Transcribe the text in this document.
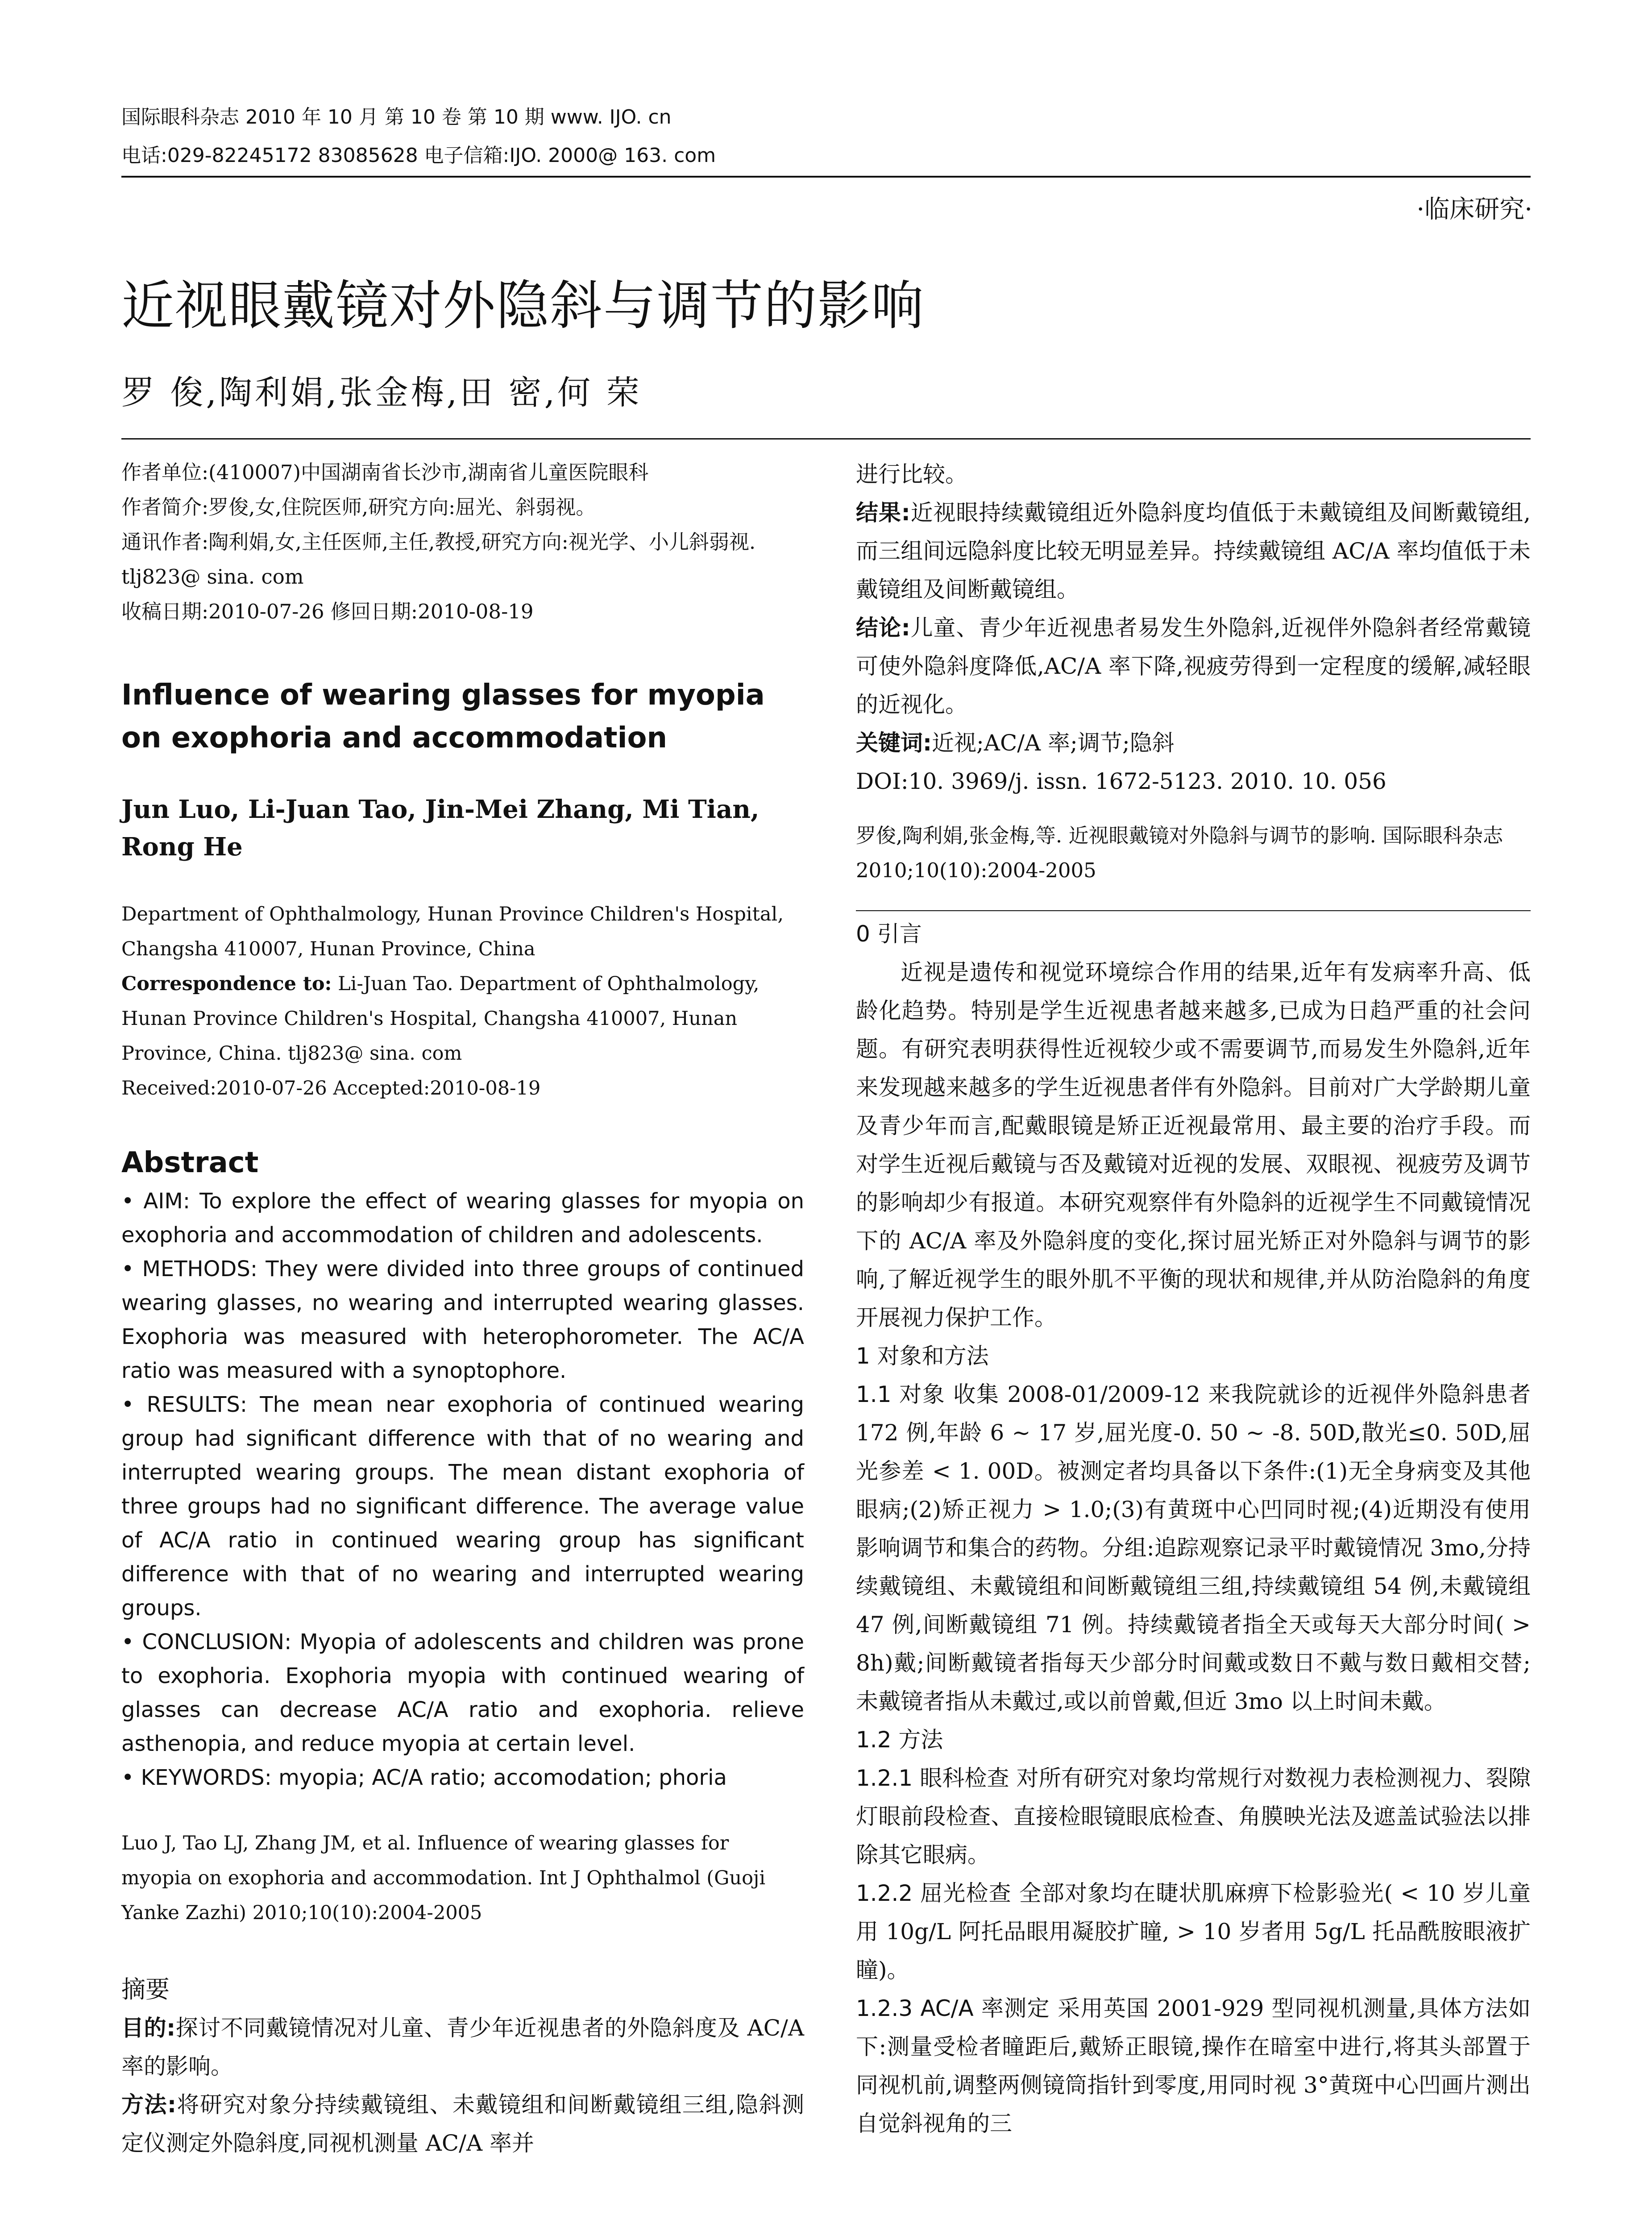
国际眼科杂志 2010 年 10 月 第 10 卷 第 10 期 www. IJO. cn
电话:029-82245172 83085628 电子信箱:IJO. 2000@ 163. com
·临床研究·
近视眼戴镜对外隐斜与调节的影响
罗 俊,陶利娟,张金梅,田 密,何 荣

作者单位:(410007)中国湖南省长沙市,湖南省儿童医院眼科

作者简介:罗俊,女,住院医师,研究方向:屈光、斜弱视。

通讯作者:陶利娟,女,主任医师,主任,教授,研究方向:视光学、小儿斜弱视. tlj823@ sina. com

收稿日期:2010-07-26 修回日期:2010-08-19

Influence of wearing glasses for myopia on exophoria and accommodation
Jun Luo, Li-Juan Tao, Jin-Mei Zhang, Mi Tian, Rong He
Department of Ophthalmology, Hunan Province Children's Hospital, Changsha 410007, Hunan Province, China
Correspondence to: Li-Juan Tao. Department of Ophthalmology, Hunan Province Children's Hospital, Changsha 410007, Hunan Province, China. tlj823@ sina. com
Received:2010-07-26 Accepted:2010-08-19
Abstract

• AIM: To explore the effect of wearing glasses for myopia on exophoria and accommodation of children and adolescents.

• METHODS: They were divided into three groups of continued wearing glasses, no wearing and interrupted wearing glasses. Exophoria was measured with heterophorometer. The AC/A ratio was measured with a synoptophore.

• RESULTS: The mean near exophoria of continued wearing group had significant difference with that of no wearing and interrupted wearing groups. The mean distant exophoria of three groups had no significant difference. The average value of AC/A ratio in continued wearing group has significant difference with that of no wearing and interrupted wearing groups.

• CONCLUSION: Myopia of adolescents and children was prone to exophoria. Exophoria myopia with continued wearing of glasses can decrease AC/A ratio and exophoria. relieve asthenopia, and reduce myopia at certain level.

• KEYWORDS: myopia; AC/A ratio; accomodation; phoria

Luo J, Tao LJ, Zhang JM, et al. Influence of wearing glasses for myopia on exophoria and accommodation. Int J Ophthalmol (Guoji Yanke Zazhi) 2010;10(10):2004-2005
摘要

目的:探讨不同戴镜情况对儿童、青少年近视患者的外隐斜度及 AC/A 率的影响。

方法:将研究对象分持续戴镜组、未戴镜组和间断戴镜组三组,隐斜测定仪测定外隐斜度,同视机测量 AC/A 率并

进行比较。

结果:近视眼持续戴镜组近外隐斜度均值低于未戴镜组及间断戴镜组,而三组间远隐斜度比较无明显差异。持续戴镜组 AC/A 率均值低于未戴镜组及间断戴镜组。

结论:儿童、青少年近视患者易发生外隐斜,近视伴外隐斜者经常戴镜可使外隐斜度降低,AC/A 率下降,视疲劳得到一定程度的缓解,减轻眼的近视化。

关键词:近视;AC/A 率;调节;隐斜

DOI:10. 3969/j. issn. 1672-5123. 2010. 10. 056

罗俊,陶利娟,张金梅,等. 近视眼戴镜对外隐斜与调节的影响. 国际眼科杂志 2010;10(10):2004-2005
0 引言
近视是遗传和视觉环境综合作用的结果,近年有发病率升高、低龄化趋势。特别是学生近视患者越来越多,已成为日趋严重的社会问题。有研究表明获得性近视较少或不需要调节,而易发生外隐斜,近年来发现越来越多的学生近视患者伴有外隐斜。目前对广大学龄期儿童及青少年而言,配戴眼镜是矫正近视最常用、最主要的治疗手段。而对学生近视后戴镜与否及戴镜对近视的发展、双眼视、视疲劳及调节的影响却少有报道。本研究观察伴有外隐斜的近视学生不同戴镜情况下的 AC/A 率及外隐斜度的变化,探讨屈光矫正对外隐斜与调节的影响,了解近视学生的眼外肌不平衡的现状和规律,并从防治隐斜的角度开展视力保护工作。
1 对象和方法
1.1 对象 收集 2008-01/2009-12 来我院就诊的近视伴外隐斜患者 172 例,年龄 6 ~ 17 岁,屈光度-0. 50 ~ -8. 50D,散光≤0. 50D,屈光参差 < 1. 00D。被测定者均具备以下条件:(1)无全身病变及其他眼病;(2)矫正视力 > 1.0;(3)有黄斑中心凹同时视;(4)近期没有使用影响调节和集合的药物。分组:追踪观察记录平时戴镜情况 3mo,分持续戴镜组、未戴镜组和间断戴镜组三组,持续戴镜组 54 例,未戴镜组 47 例,间断戴镜组 71 例。持续戴镜者指全天或每天大部分时间( > 8h)戴;间断戴镜者指每天少部分时间戴或数日不戴与数日戴相交替;未戴镜者指从未戴过,或以前曾戴,但近 3mo 以上时间未戴。
1.2 方法
1.2.1 眼科检查 对所有研究对象均常规行对数视力表检测视力、裂隙灯眼前段检查、直接检眼镜眼底检查、角膜映光法及遮盖试验法以排除其它眼病。
1.2.2 屈光检查 全部对象均在睫状肌麻痹下检影验光( < 10 岁儿童用 10g/L 阿托品眼用凝胶扩瞳, > 10 岁者用 5g/L 托品酰胺眼液扩瞳)。
1.2.3 AC/A 率测定 采用英国 2001-929 型同视机测量,具体方法如下:测量受检者瞳距后,戴矫正眼镜,操作在暗室中进行,将其头部置于同视机前,调整两侧镜筒指针到零度,用同时视 3°黄斑中心凹画片测出自觉斜视角的三
